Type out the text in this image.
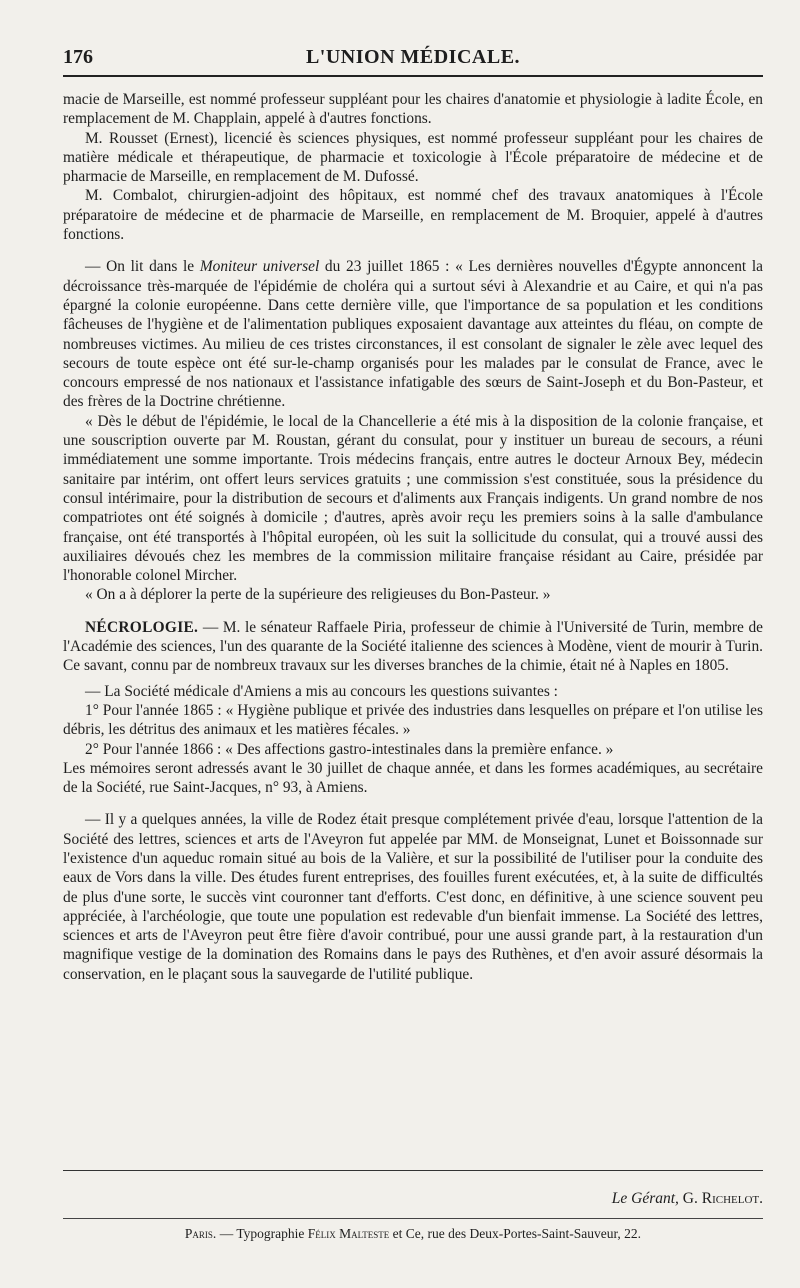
176	L'UNION MÉDICALE.

macie de Marseille, est nommé professeur suppléant pour les chaires d'anatomie et physiologie à ladite École, en remplacement de M. Chapplain, appelé à d'autres fonctions.

M. Rousset (Ernest), licencié ès sciences physiques, est nommé professeur suppléant pour les chaires de matière médicale et thérapeutique, de pharmacie et toxicologie à l'École préparatoire de médecine et de pharmacie de Marseille, en remplacement de M. Dufossé.

M. Combalot, chirurgien-adjoint des hôpitaux, est nommé chef des travaux anatomiques à l'École préparatoire de médecine et de pharmacie de Marseille, en remplacement de M. Broquier, appelé à d'autres fonctions.

— On lit dans le Moniteur universel du 23 juillet 1865 : « Les dernières nouvelles d'Égypte annoncent la décroissance très-marquée de l'épidémie de choléra qui a surtout sévi à Alexandrie et au Caire, et qui n'a pas épargné la colonie européenne. Dans cette dernière ville, que l'importance de sa population et les conditions fâcheuses de l'hygiène et de l'alimentation publiques exposaient davantage aux atteintes du fléau, on compte de nombreuses victimes. Au milieu de ces tristes circonstances, il est consolant de signaler le zèle avec lequel des secours de toute espèce ont été sur-le-champ organisés pour les malades par le consulat de France, avec le concours empressé de nos nationaux et l'assistance infatigable des sœurs de Saint-Joseph et du Bon-Pasteur, et des frères de la Doctrine chrétienne.

« Dès le début de l'épidémie, le local de la Chancellerie a été mis à la disposition de la colonie française, et une souscription ouverte par M. Roustan, gérant du consulat, pour y instituer un bureau de secours, a réuni immédiatement une somme importante. Trois médecins français, entre autres le docteur Arnoux Bey, médecin sanitaire par intérim, ont offert leurs services gratuits ; une commission s'est constituée, sous la présidence du consul intérimaire, pour la distribution de secours et d'aliments aux Français indigents. Un grand nombre de nos compatriotes ont été soignés à domicile ; d'autres, après avoir reçu les premiers soins à la salle d'ambulance française, ont été transportés à l'hôpital européen, où les suit la sollicitude du consulat, qui a trouvé aussi des auxiliaires dévoués chez les membres de la commission militaire française résidant au Caire, présidée par l'honorable colonel Mircher.

« On a à déplorer la perte de la supérieure des religieuses du Bon-Pasteur. »

NÉCROLOGIE. — M. le sénateur Raffaele Piria, professeur de chimie à l'Université de Turin, membre de l'Académie des sciences, l'un des quarante de la Société italienne des sciences à Modène, vient de mourir à Turin. Ce savant, connu par de nombreux travaux sur les diverses branches de la chimie, était né à Naples en 1805.

— La Société médicale d'Amiens a mis au concours les questions suivantes :

1° Pour l'année 1865 : « Hygiène publique et privée des industries dans lesquelles on prépare et l'on utilise les débris, les détritus des animaux et les matières fécales. »

2° Pour l'année 1866 : « Des affections gastro-intestinales dans la première enfance. »

Les mémoires seront adressés avant le 30 juillet de chaque année, et dans les formes académiques, au secrétaire de la Société, rue Saint-Jacques, n° 93, à Amiens.

— Il y a quelques années, la ville de Rodez était presque complétement privée d'eau, lorsque l'attention de la Société des lettres, sciences et arts de l'Aveyron fut appelée par MM. de Monseignat, Lunet et Boissonnade sur l'existence d'un aqueduc romain situé au bois de la Valière, et sur la possibilité de l'utiliser pour la conduite des eaux de Vors dans la ville. Des études furent entreprises, des fouilles furent exécutées, et, à la suite de difficultés de plus d'une sorte, le succès vint couronner tant d'efforts. C'est donc, en définitive, à une science souvent peu appréciée, à l'archéologie, que toute une population est redevable d'un bienfait immense. La Société des lettres, sciences et arts de l'Aveyron peut être fière d'avoir contribué, pour une aussi grande part, à la restauration d'un magnifique vestige de la domination des Romains dans le pays des Ruthènes, et d'en avoir assuré désormais la conservation, en le plaçant sous la sauvegarde de l'utilité publique.

Le Gérant, G. Richelot.
Paris. — Typographie Félix Malteste et Ce, rue des Deux-Portes-Saint-Sauveur, 22.
